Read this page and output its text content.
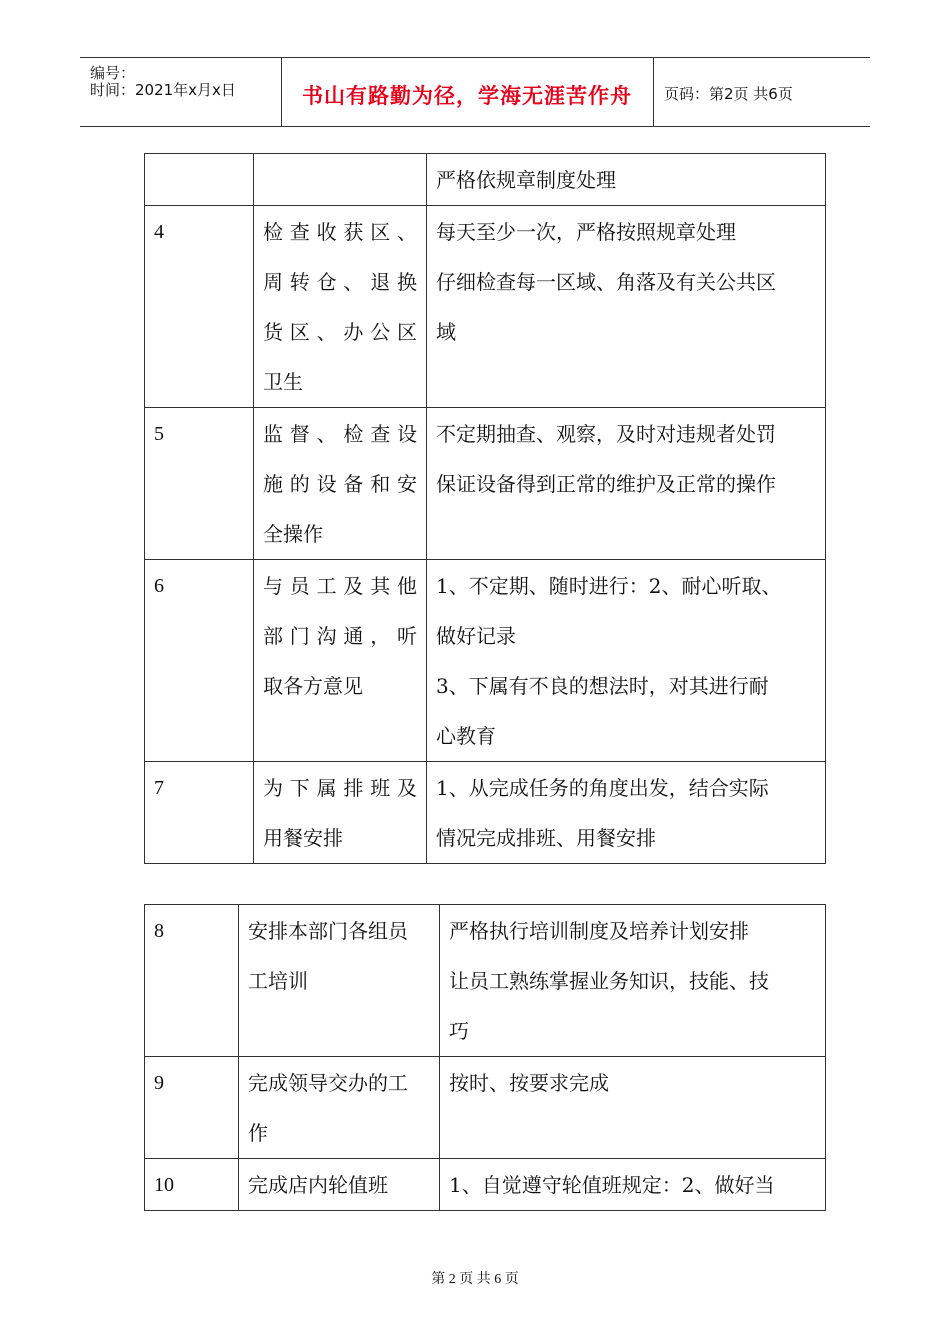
编号：
时间：2021年x月x日	书山有路勤为径，学海无涯苦作舟	页码：第2页 共6页

		严格依规章制度处理

4	检查收获区、
周转仓、退换
货区、办公区
卫生	每天至少一次，严格按照规章处理
仔细检查每一区域、角落及有关公共区
域

5	监督、检查设
施的设备和安
全操作	不定期抽查、观察，及时对违规者处罚
保证设备得到正常的维护及正常的操作

6	与员工及其他
部门沟通，听
取各方意见	1、不定期、随时进行：2、耐心听取、
做好记录
3、下属有不良的想法时，对其进行耐
心教育

7	为下属排班及
用餐安排	1、从完成任务的角度出发，结合实际
情况完成排班、用餐安排
8	安排本部门各组员
工培训	严格执行培训制度及培养计划安排
让员工熟练掌握业务知识，技能、技
巧

9	完成领导交办的工
作	按时、按要求完成

10	完成店内轮值班	1、自觉遵守轮值班规定：2、做好当
第 2 页 共 6 页
